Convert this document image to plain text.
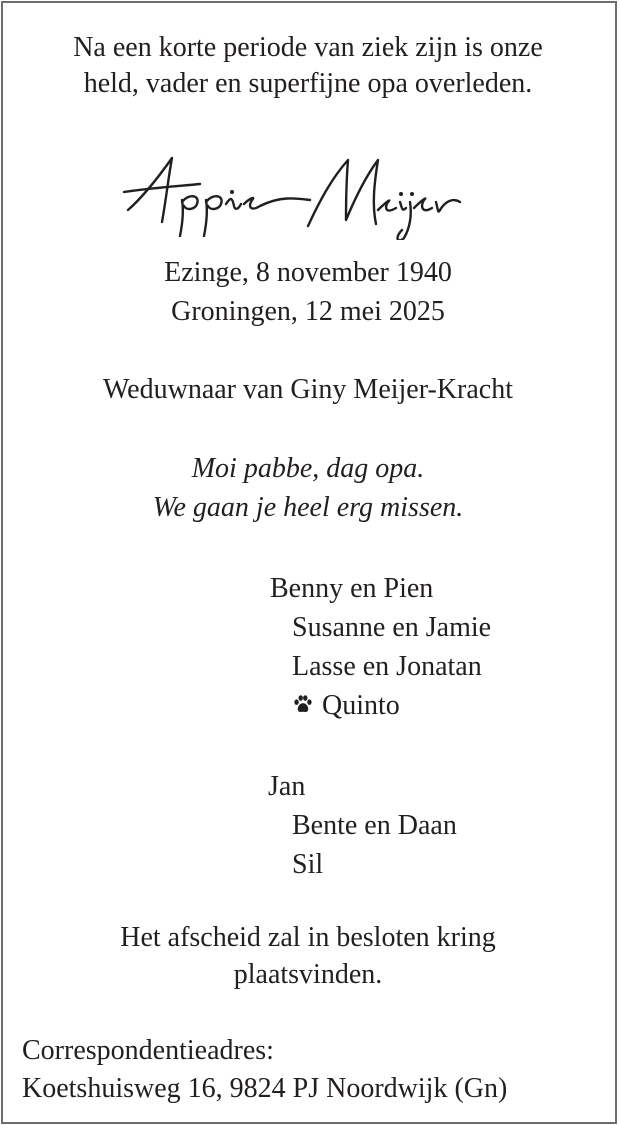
Na een korte periode van ziek zijn is onze
held, vader en superfijne opa overleden.
Ezinge, 8 november 1940
Groningen, 12 mei 2025
Weduwnaar van Giny Meijer-Kracht
Moi pabbe, dag opa.
We gaan je heel erg missen.
Benny en Pien
Susanne en Jamie
Lasse en Jonatan
Quinto
Jan
Bente en Daan
Sil
Het afscheid zal in besloten kring
plaatsvinden.
Correspondentieadres:
Koetshuisweg 16, 9824 PJ Noordwijk (Gn)
